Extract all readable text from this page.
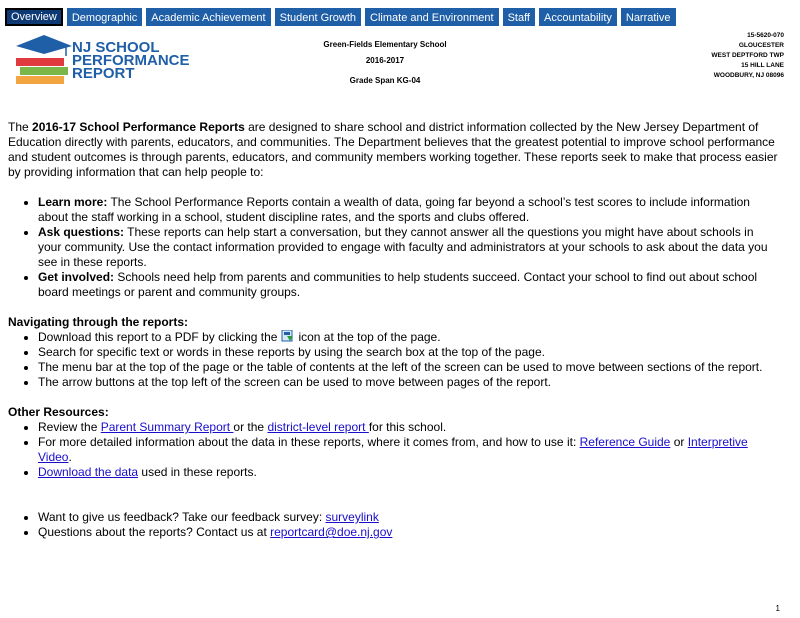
Overview	Demographic	Academic Achievement	Student Growth	Climate and Environment	Staff	Accountability	Narrative
NJ SCHOOL
PERFORMANCE
REPORT
Green-Fields Elementary School
2016-2017
Grade Span KG-04
15-5620-070
GLOUCESTER
WEST DEPTFORD TWP
15 HILL LANE
WOODBURY, NJ 08096

The 2016-17 School Performance Reports are designed to share school and district information collected by the New Jersey Department of Education directly with parents, educators, and communities. The Department believes that the greatest potential to improve school performance and student outcomes is through parents, educators, and community members working together. These reports seek to make that process easier by providing information that can help people to:

• Learn more: The School Performance Reports contain a wealth of data, going far beyond a school’s test scores to include information about the staff working in a school, student discipline rates, and the sports and clubs offered.
• Ask questions: These reports can help start a conversation, but they cannot answer all the questions you might have about schools in your community. Use the contact information provided to engage with faculty and administrators at your schools to ask about the data you see in these reports.
• Get involved: Schools need help from parents and communities to help students succeed. Contact your school to find out about school board meetings or parent and community groups.

Navigating through the reports:

• Download this report to a PDF by clicking the icon at the top of the page.
• Search for specific text or words in these reports by using the search box at the top of the page.
• The menu bar at the top of the page or the table of contents at the left of the screen can be used to move between sections of the report.
• The arrow buttons at the top left of the screen can be used to move between pages of the report.

Other Resources:

• Review the Parent Summary Report or the district-level report for this school.
• For more detailed information about the data in these reports, where it comes from, and how to use it: Reference Guide or Interpretive Video.
• Download the data used in these reports.
• Want to give us feedback? Take our feedback survey: surveylink
• Questions about the reports? Contact us at reportcard@doe.nj.gov
1
